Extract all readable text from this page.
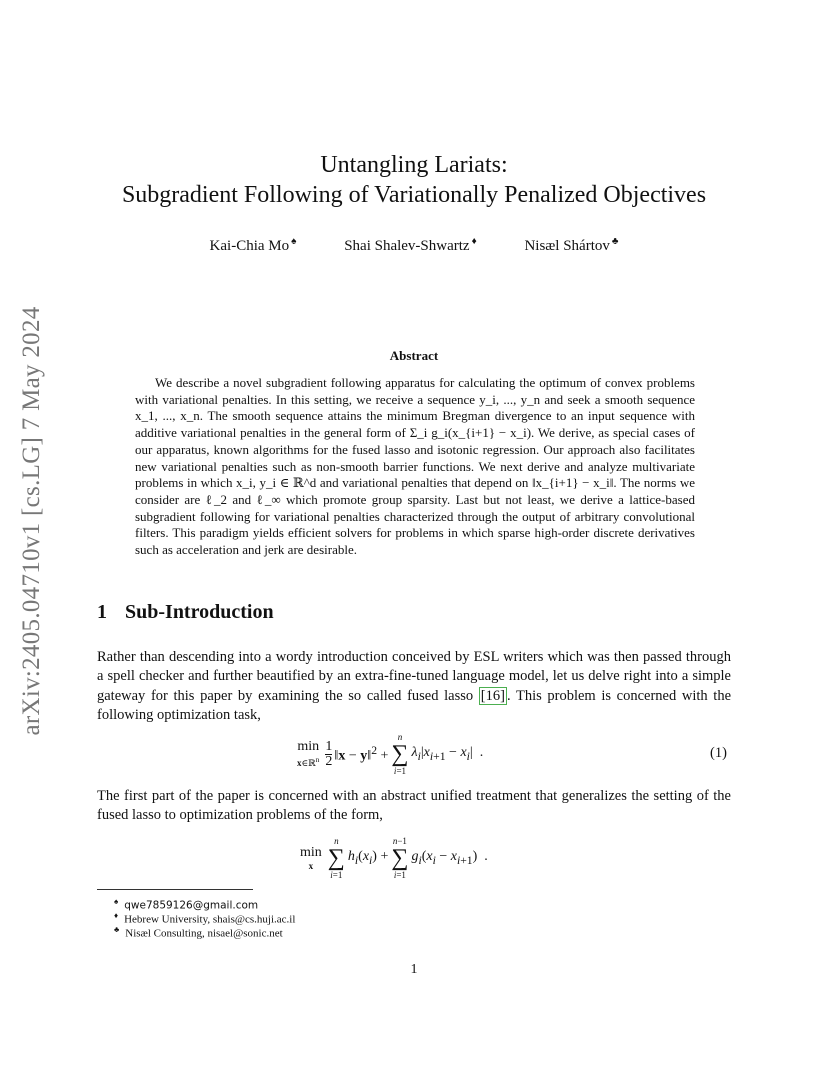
arXiv:2405.04710v1 [cs.LG] 7 May 2024
Untangling Lariats:
Subgradient Following of Variationally Penalized Objectives
Kai-Chia Mo ♠	Shai Shalev-Shwartz ♦	Nisæl Shártov ♣
Abstract
We describe a novel subgradient following apparatus for calculating the optimum of convex problems with variational penalties. In this setting, we receive a sequence y_i, ..., y_n and seek a smooth sequence x_1, ..., x_n. The smooth sequence attains the minimum Bregman divergence to an input sequence with additive variational penalties in the general form of Σ_i g_i(x_{i+1} − x_i). We derive, as special cases of our apparatus, known algorithms for the fused lasso and isotonic regression. Our approach also facilitates new variational penalties such as non-smooth barrier functions. We next derive and analyze multivariate problems in which x_i, y_i ∈ ℝ^d and variational penalties that depend on ‖x_{i+1} − x_i‖. The norms we consider are ℓ_2 and ℓ_∞ which promote group sparsity. Last but not least, we derive a lattice-based subgradient following for variational penalties characterized through the output of arbitrary convolutional filters. This paradigm yields efficient solvers for problems in which sparse high-order discrete derivatives such as acceleration and jerk are desirable.
1 Sub-Introduction
Rather than descending into a wordy introduction conceived by ESL writers which was then passed through a spell checker and further beautified by an extra-fine-tuned language model, let us delve right into a simple gateway for this paper by examining the so called fused lasso [16] . This problem is concerned with the following optimization task,
min
x∈ℝ$^n$
1
2 ‖x − y‖$^2$ +
n
∑
i=1
$\lambda_i|x_{i+1} - x_i|$  .	(1)
The first part of the paper is concerned with an abstract unified treatment that generalizes the setting of the fused lasso to optimization problems of the form,
min
x
n
∑
i=1
$h_i(x_i)$ +
n−1
∑
i=1
$g_i(x_i - x_{i+1})$  .
♠ qwe7859126@gmail.com
♦ Hebrew University, shais@cs.huji.ac.il
♣ Nisæl Consulting, nisael@sonic.net
1
